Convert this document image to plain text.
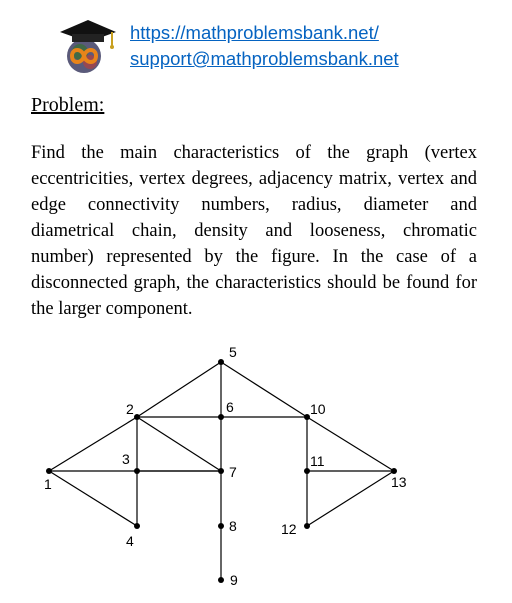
https://mathproblemsbank.net/
support@mathproblemsbank.net
Problem:

Find the main characteristics of the graph (vertex eccentricities, vertex degrees, adjacency matrix, vertex and edge connectivity numbers, radius, diameter and diametrical chain, density and looseness, chromatic number) represented by the figure. In the case of a disconnected graph, the characteristics should be found for the larger component.

1
2
3
4
5
6
7
8
9
10
11
12
13
